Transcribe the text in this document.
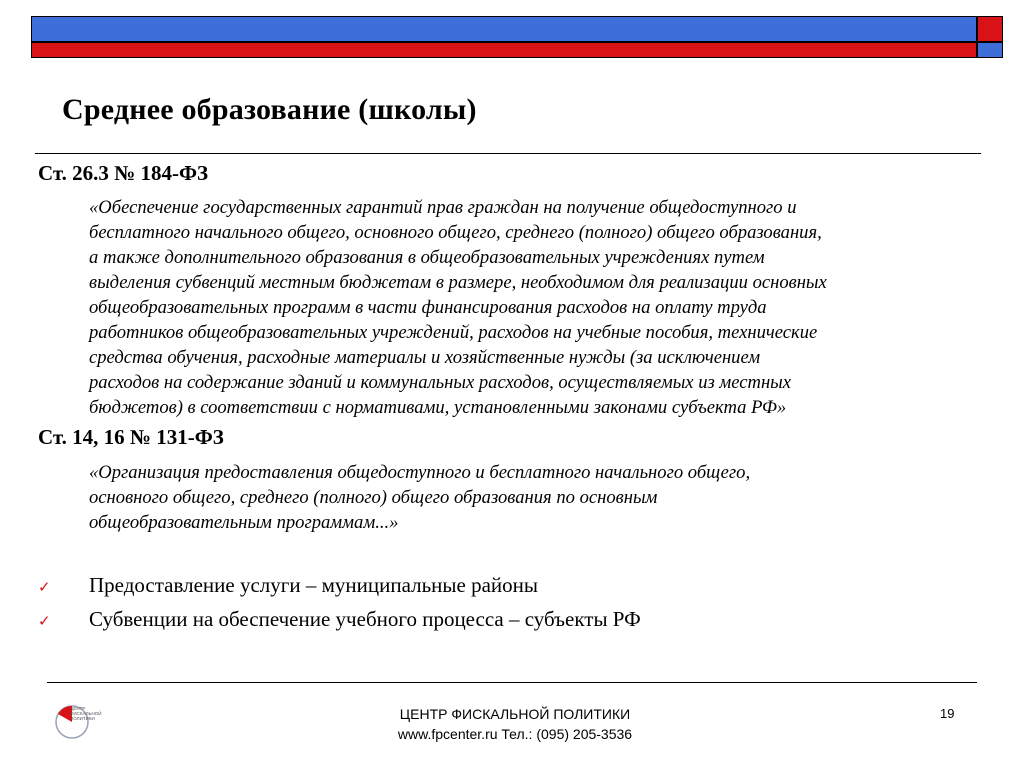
Среднее образование (школы)
Ст. 26.3 № 184-ФЗ
«Обеспечение государственных гарантий прав граждан на получение общедоступного и
бесплатного начального общего, основного общего, среднего (полного) общего образования,
а также дополнительного образования в общеобразовательных учреждениях путем
выделения субвенций местным бюджетам в размере, необходимом для реализации основных
общеобразовательных программ в части финансирования расходов на оплату труда
работников общеобразовательных учреждений, расходов на учебные пособия, технические
средства обучения, расходные материалы и хозяйственные нужды (за исключением
расходов на содержание зданий и коммунальных расходов, осуществляемых из местных
бюджетов) в соответствии с нормативами, установленными законами субъекта РФ»
Ст. 14, 16 № 131-ФЗ
«Организация предоставления общедоступного и бесплатного начального общего,
основного общего, среднего (полного) общего образования по основным
общеобразовательным программам...»
✓	Предоставление услуги – муниципальные районы
✓	Субвенции на обеспечение учебного процесса – субъекты РФ
ЦЕНТР
ФИСКАЛЬНОЙ
ПОЛИТИКИ	ЦЕНТР ФИСКАЛЬНОЙ ПОЛИТИКИ
www.fpcenter.ru Тел.: (095) 205-3536
19
